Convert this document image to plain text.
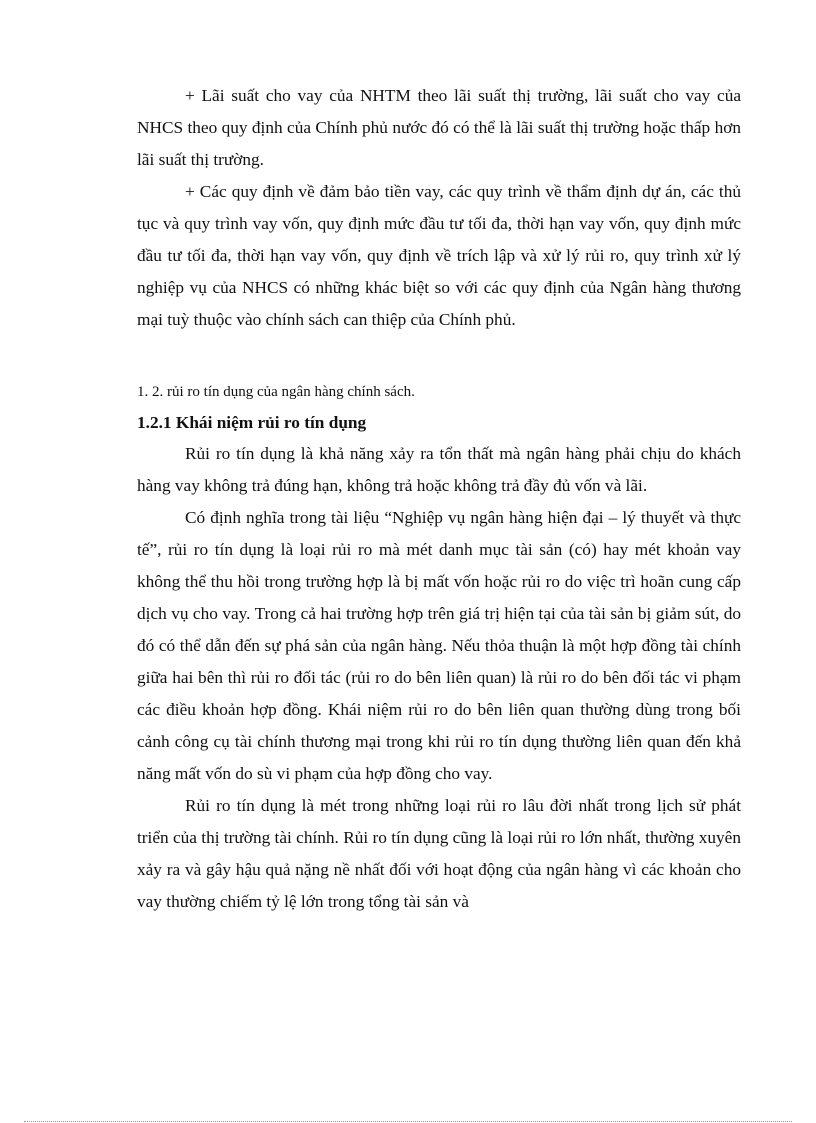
+ Lãi suất cho vay của NHTM theo lãi suất thị trường, lãi suất cho vay của NHCS theo quy định của Chính phủ nước đó có thể là lãi suất thị trường hoặc thấp hơn lãi suất thị trường.

+ Các quy định về đảm bảo tiền vay, các quy trình về thẩm định dự án, các thủ tục và quy trình vay vốn, quy định mức đầu tư tối đa, thời hạn vay vốn, quy định mức đầu tư tối đa, thời hạn vay vốn, quy định về trích lập và xử lý rủi ro, quy trình xử lý nghiệp vụ của NHCS có những khác biệt so với các quy định của Ngân hàng thương mại tuỳ thuộc vào chính sách can thiệp của Chính phủ.

1. 2. rủi ro tín dụng của ngân hàng chính sách.

1.2.1 Khái niệm rủi ro tín dụng

Rủi ro tín dụng là khả năng xảy ra tổn thất mà ngân hàng phải chịu do khách hàng vay không trả đúng hạn, không trả hoặc không trả đầy đủ vốn và lãi.

Có định nghĩa trong tài liệu “Nghiệp vụ ngân hàng hiện đại – lý thuyết và thực tế”, rủi ro tín dụng là loại rủi ro mà mét danh mục tài sản (có) hay mét khoản vay không thể thu hồi trong trường hợp là bị mất vốn hoặc rủi ro do việc trì hoãn cung cấp dịch vụ cho vay. Trong cả hai trường hợp trên giá trị hiện tại của tài sản bị giảm sút, do đó có thể dẫn đến sự phá sản của ngân hàng. Nếu thỏa thuận là một hợp đồng tài chính giữa hai bên thì rủi ro đối tác (rủi ro do bên liên quan) là rủi ro do bên đối tác vi phạm các điều khoản hợp đồng. Khái niệm rủi ro do bên liên quan thường dùng trong bối cảnh công cụ tài chính thương mại trong khi rủi ro tín dụng thường liên quan đến khả năng mất vốn do sù vi phạm của hợp đồng cho vay.

Rủi ro tín dụng là mét trong những loại rủi ro lâu đời nhất trong lịch sử phát triển của thị trường tài chính. Rủi ro tín dụng cũng là loại rủi ro lớn nhất, thường xuyên xảy ra và gây hậu quả nặng nề nhất đối với hoạt động của ngân hàng vì các khoản cho vay thường chiếm tỷ lệ lớn trong tổng tài sản và
